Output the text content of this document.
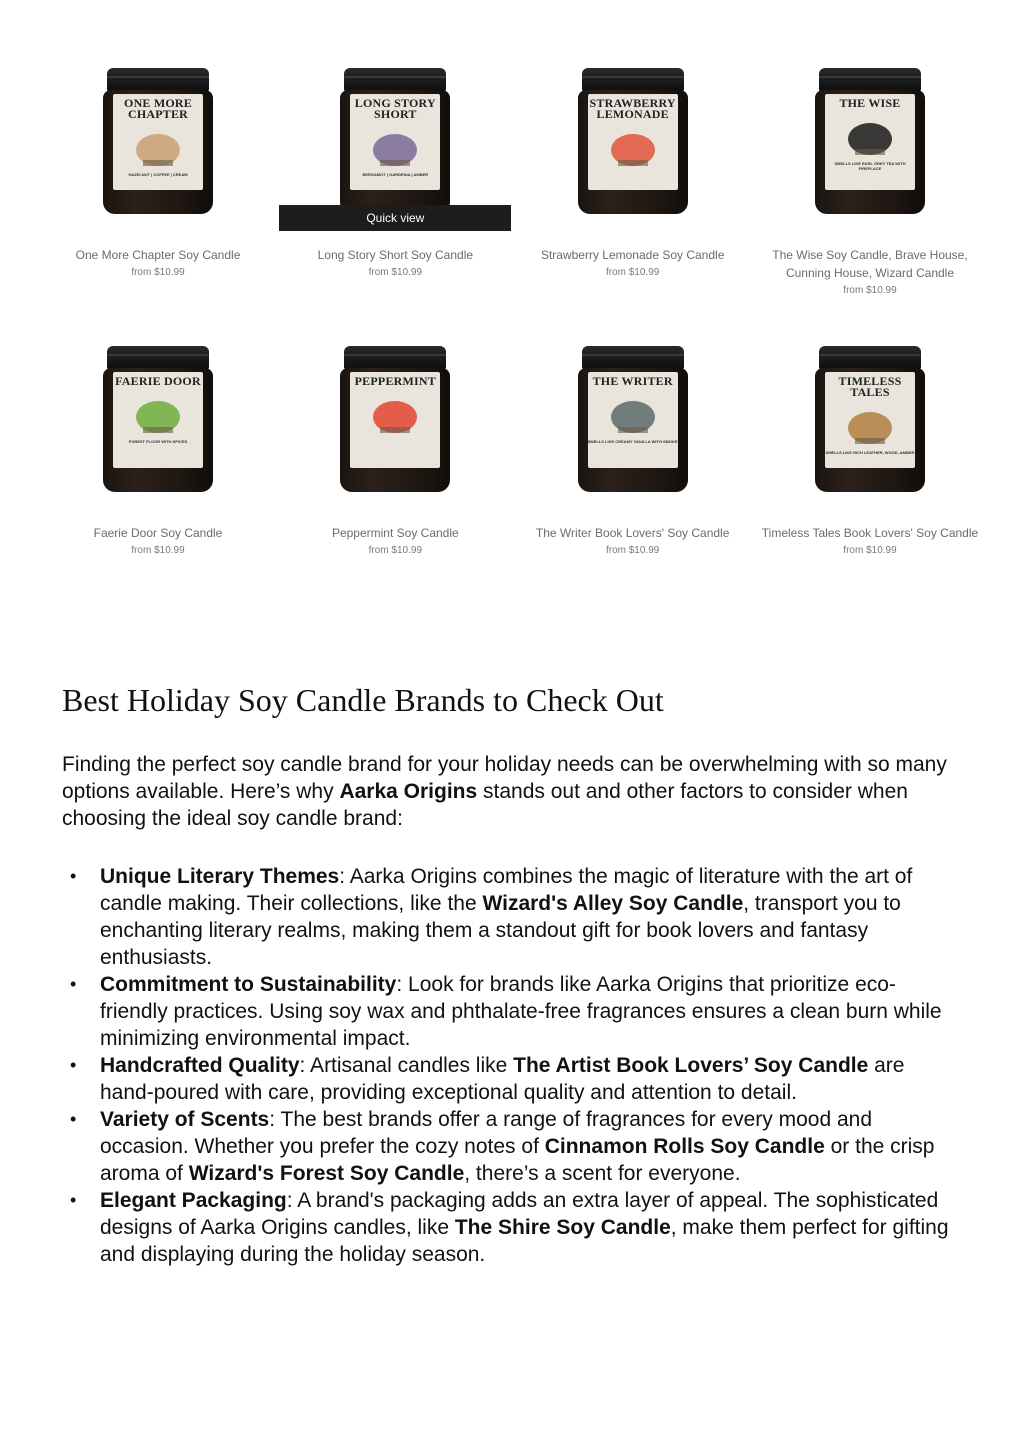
ONE MORE CHAPTER
HAZELNUT | COFFEE | CREAM
One More Chapter Soy Candle
from $10.99
LONG STORY SHORT
BERGAMOT | GARDENIA | AMBER
Quick view
Long Story Short Soy Candle
from $10.99
STRAWBERRY LEMONADE
Strawberry Lemonade Soy Candle
from $10.99
THE WISE
SMELLS LIKE EARL GREY TEA WITH FIREPLACE
The Wise Soy Candle, Brave House, Cunning House, Wizard Candle
from $10.99
FAERIE DOOR
FOREST FLOOR WITH SPICES
Faerie Door Soy Candle
from $10.99
PEPPERMINT
Peppermint Soy Candle
from $10.99
THE WRITER
SMELLS LIKE CREAMY VANILLA WITH SMOKE
The Writer Book Lovers' Soy Candle
from $10.99
TIMELESS TALES
SMELLS LIKE RICH LEATHER, WOOD, AMBER
Timeless Tales Book Lovers' Soy Candle
from $10.99
Best Holiday Soy Candle Brands to Check Out

Finding the perfect soy candle brand for your holiday needs can be overwhelming with so many options available. Here’s why Aarka Origins stands out and other factors to consider when choosing the ideal soy candle brand:

• Unique Literary Themes: Aarka Origins combines the magic of literature with the art of candle making. Their collections, like the Wizard's Alley Soy Candle, transport you to enchanting literary realms, making them a standout gift for book lovers and fantasy enthusiasts.
• Commitment to Sustainability: Look for brands like Aarka Origins that prioritize eco-friendly practices. Using soy wax and phthalate-free fragrances ensures a clean burn while minimizing environmental impact.
• Handcrafted Quality: Artisanal candles like The Artist Book Lovers’ Soy Candle are hand-poured with care, providing exceptional quality and attention to detail.
• Variety of Scents: The best brands offer a range of fragrances for every mood and occasion. Whether you prefer the cozy notes of Cinnamon Rolls Soy Candle or the crisp aroma of Wizard's Forest Soy Candle, there’s a scent for everyone.
• Elegant Packaging: A brand's packaging adds an extra layer of appeal. The sophisticated designs of Aarka Origins candles, like The Shire Soy Candle, make them perfect for gifting and displaying during the holiday season.
